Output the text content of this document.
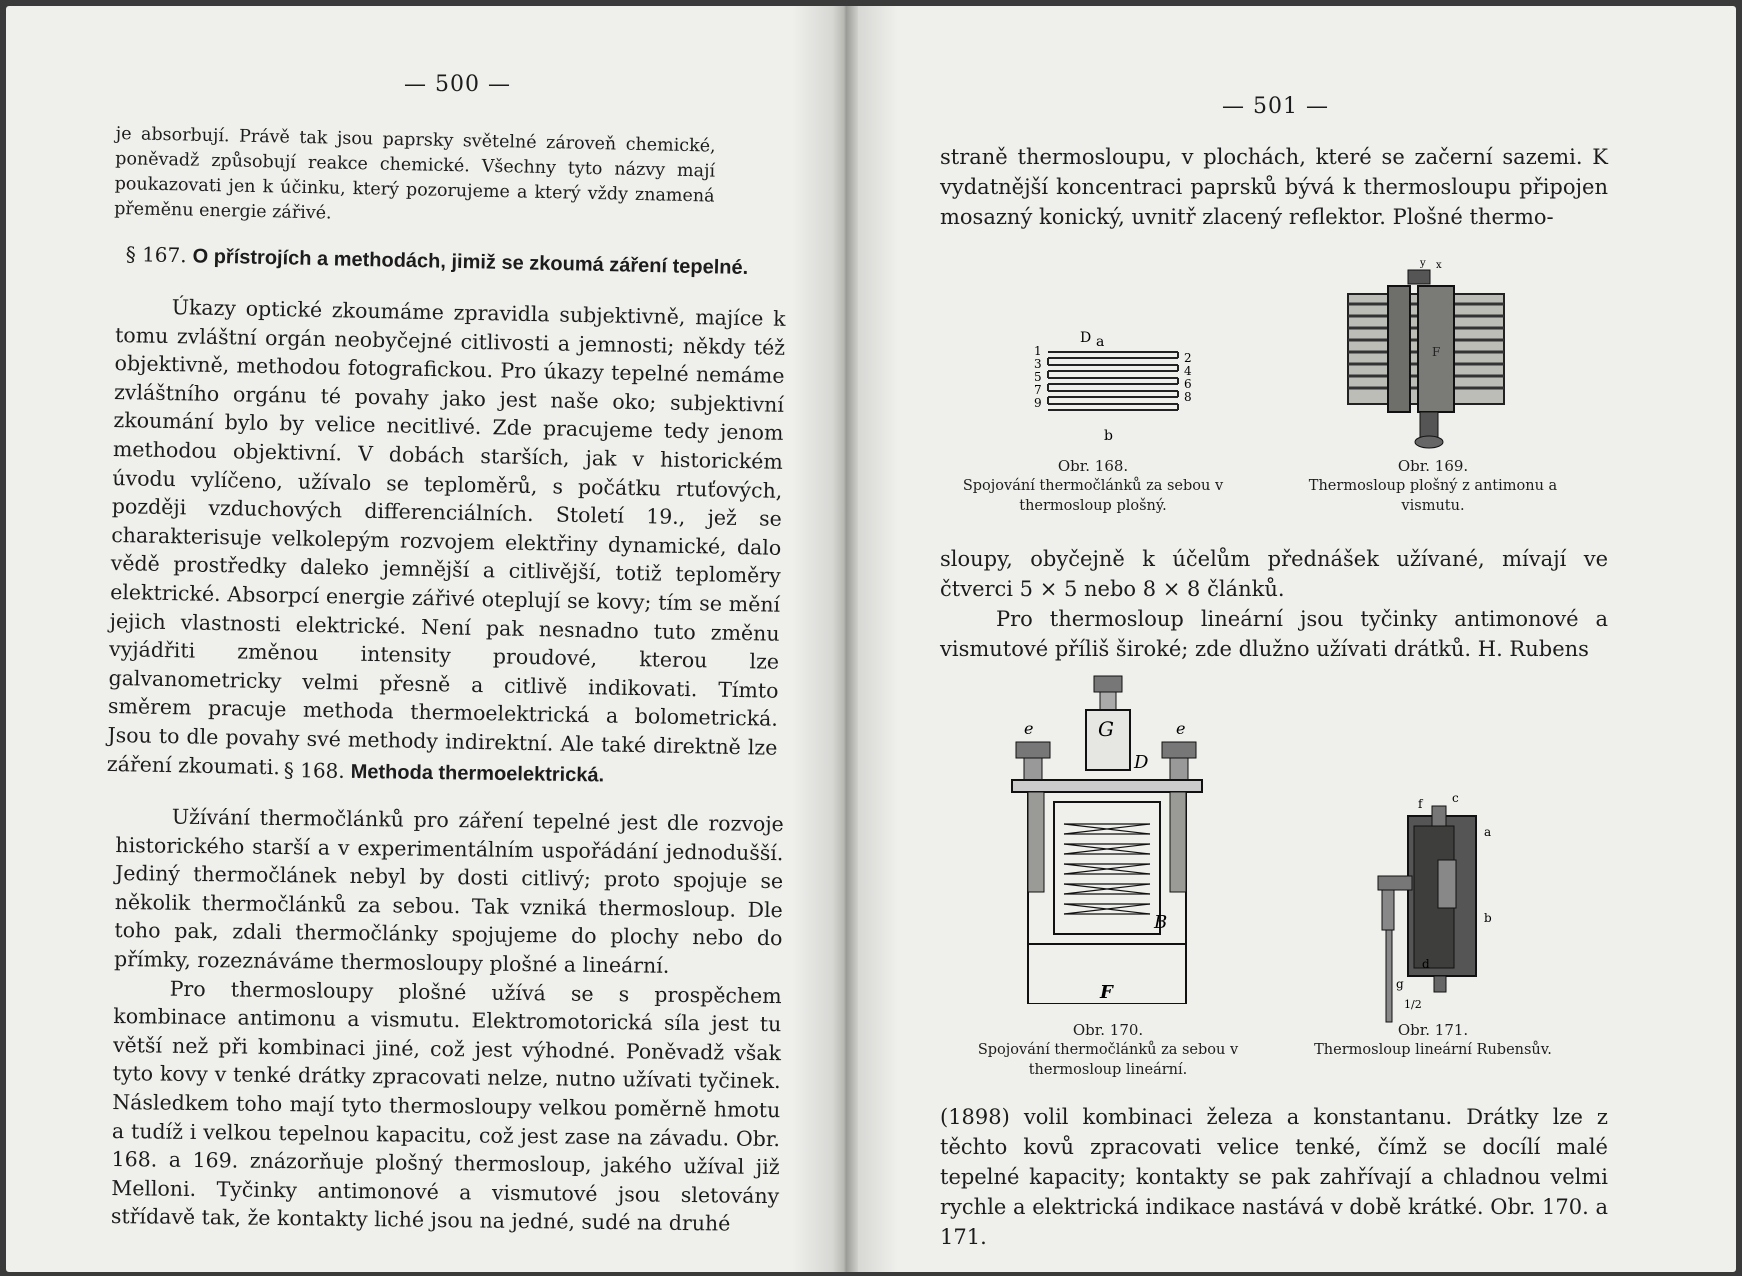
— 500 —

je absorbují. Právě tak jsou paprsky světelné zároveň chemické, poněvadž způsobují reakce chemické. Všechny tyto názvy mají poukazovati jen k účinku, který pozorujeme a který vždy znamená přeměnu energie zářivé.

§ 167. O přístrojích a methodách, jimiž se zkoumá záření tepelné.

Úkazy optické zkoumáme zpravidla subjektivně, majíce k tomu zvláštní orgán neobyčejné citlivosti a jemnosti; někdy též objektivně, methodou fotografickou. Pro úkazy tepelné nemáme zvláštního orgánu té povahy jako jest naše oko; subjektivní zkoumání bylo by velice necitlivé. Zde pracujeme tedy jenom methodou objektivní. V dobách starších, jak v historickém úvodu vylíčeno, užívalo se teploměrů, s počátku rtuťových, později vzduchových differenciálních. Století 19., jež se charakterisuje velkolepým rozvojem elektřiny dynamické, dalo vědě prostředky daleko jemnější a citlivější, totiž teploměry elektrické. Absorpcí energie zářivé oteplují se kovy; tím se mění jejich vlastnosti elektrické. Není pak nesnadno tuto změnu vyjádřiti změnou intensity proudové, kterou lze galvanometricky velmi přesně a citlivě indikovati. Tímto směrem pracuje methoda thermoelektrická a bolometrická. Jsou to dle povahy své methody indirektní. Ale také direktně lze záření zkoumati. § 168. Methoda thermoelektrická.

Užívání thermočlánků pro záření tepelné jest dle rozvoje historického starší a v experimentálním uspořádání jednodušší. Jediný thermočlánek nebyl by dosti citlivý; proto spojuje se několik thermočlánků za sebou. Tak vzniká thermosloup. Dle toho pak, zdali thermočlánky spojujeme do plochy nebo do přímky, rozeznáváme thermosloupy plošné a lineární.

Pro thermosloupy plošné užívá se s prospěchem kombinace antimonu a vismutu. Elektromotorická síla jest tu větší než při kombinaci jiné, což jest výhodné. Poněvadž však tyto kovy v tenké drátky zpracovati nelze, nutno užívati tyčinek. Následkem toho mají tyto thermosloupy velkou poměrně hmotu a tudíž i velkou tepelnou kapacitu, což jest zase na závadu. Obr. 168. a 169. znázorňuje plošný thermosloup, jakého užíval již Melloni. Tyčinky antimonové a vismutové jsou sletovány střídavě tak, že kontakty liché jsou na jedné, sudé na druhé

— 501 —

straně thermosloupu, v plochách, které se začerní sazemi. K vydatnější koncentraci paprsků bývá k thermosloupu připojen mosazný konický, uvnitř zlacený reflektor. Plošné thermo-

D a
b
1
3
5
7
9
2
4
6
8
Obr. 168.
Spojování thermočlánků za sebou v thermosloup plošný.
F
x
y
Obr. 169.
Thermosloup plošný z antimonu a vismutu.

sloupy, obyčejně k účelům přednášek užívané, mívají ve čtverci 5 × 5 nebo 8 × 8 článků.

Pro thermosloup lineární jsou tyčinky antimonové a vismutové příliš široké; zde dlužno užívati drátků. H. Rubens

G
e	e
D
B
F
Obr. 170.
Spojování thermočlánků za sebou v thermosloup lineární.
f c
a
b
d
g
1/2
Obr. 171.
Thermosloup lineární Rubensův.

(1898) volil kombinaci železa a konstantanu. Drátky lze z těchto kovů zpracovati velice tenké, čímž se docílí malé tepelné kapacity; kontakty se pak zahřívají a chladnou velmi rychle a elektrická indikace nastává v době krátké. Obr. 170. a 171.
